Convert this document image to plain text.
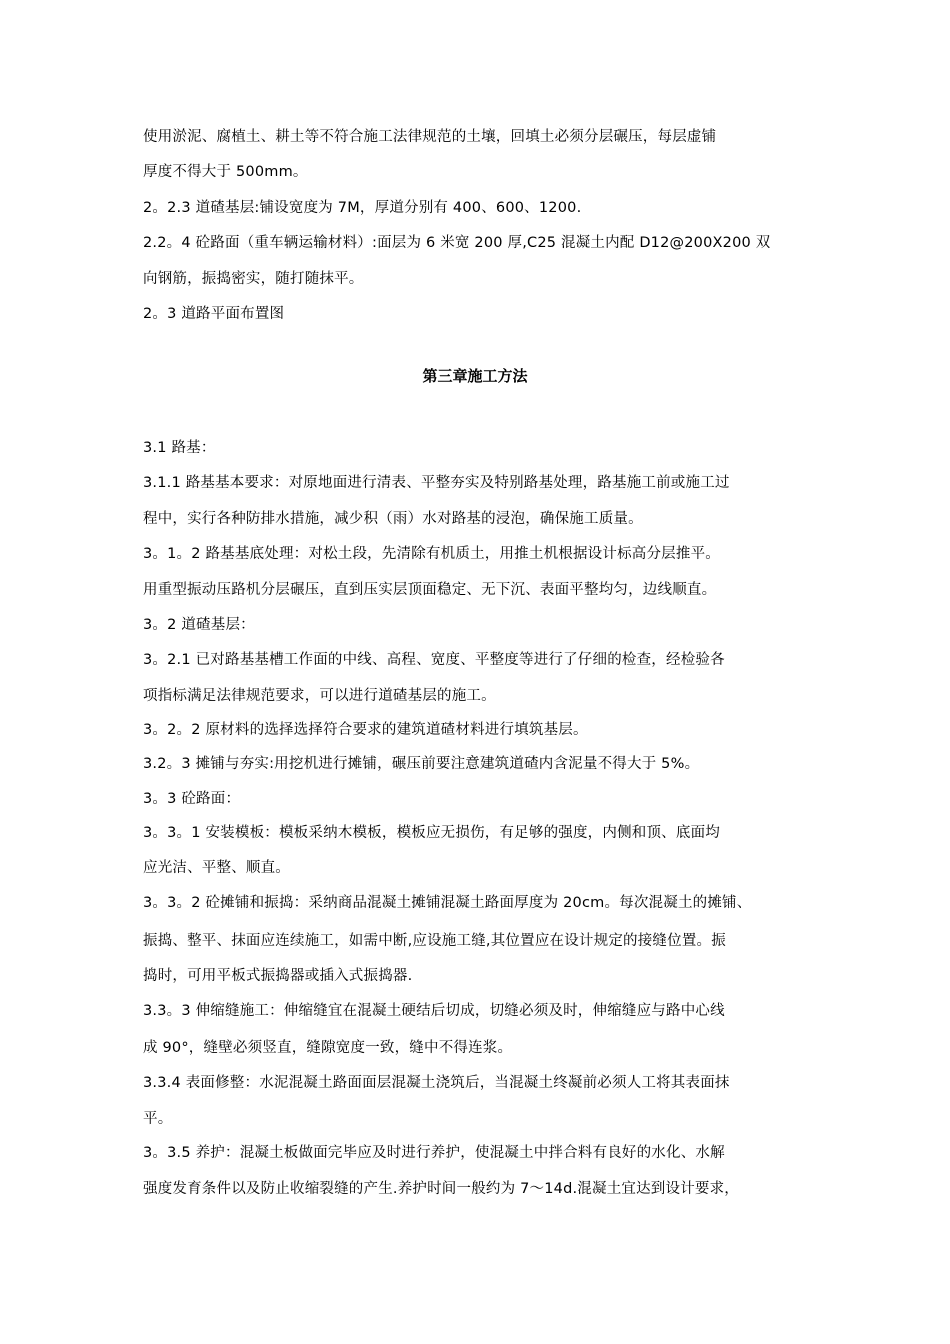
使用淤泥、腐植土、耕土等不符合施工法律规范的土壤，回填土必须分层碾压，每层虚铺
厚度不得大于 500mm。
2。2.3 道碴基层:铺设宽度为 7M，厚道分别有 400、600、1200.
2.2。4 砼路面（重车辆运输材料）:面层为 6 米宽 200 厚,C25 混凝土内配 D12@200X200 双
向钢筋，振捣密实，随打随抹平。
2。3 道路平面布置图
第三章施工方法
3.1 路基：
3.1.1 路基基本要求：对原地面进行清表、平整夯实及特别路基处理，路基施工前或施工过
程中，实行各种防排水措施，减少积（雨）水对路基的浸泡，确保施工质量。
3。1。2 路基基底处理：对松土段，先清除有机质土，用推土机根据设计标高分层推平。
用重型振动压路机分层碾压，直到压实层顶面稳定、无下沉、表面平整均匀，边线顺直。
3。2 道碴基层：
3。2.1 已对路基基槽工作面的中线、高程、宽度、平整度等进行了仔细的检查，经检验各
项指标满足法律规范要求，可以进行道碴基层的施工。
3。2。2 原材料的选择选择符合要求的建筑道碴材料进行填筑基层。
3.2。3 摊铺与夯实:用挖机进行摊铺，碾压前要注意建筑道碴内含泥量不得大于 5%。
3。3 砼路面：
3。3。1 安装模板：模板采纳木模板，模板应无损伤，有足够的强度，内侧和顶、底面均
应光洁、平整、顺直。
3。3。2 砼摊铺和振捣：采纳商品混凝土摊铺混凝土路面厚度为 20cm。每次混凝土的摊铺、
振捣、整平、抹面应连续施工，如需中断,应设施工缝,其位置应在设计规定的接缝位置。振
捣时，可用平板式振捣器或插入式振捣器.
3.3。3 伸缩缝施工：伸缩缝宜在混凝土硬结后切成，切缝必须及时，伸缩缝应与路中心线
成 90°，缝壁必须竖直，缝隙宽度一致，缝中不得连浆。
3.3.4 表面修整：水泥混凝土路面面层混凝土浇筑后，当混凝土终凝前必须人工将其表面抹
平。
3。3.5 养护：混凝土板做面完毕应及时进行养护，使混凝土中拌合料有良好的水化、水解
强度发育条件以及防止收缩裂缝的产生.养护时间一般约为 7～14d.混凝土宜达到设计要求，
